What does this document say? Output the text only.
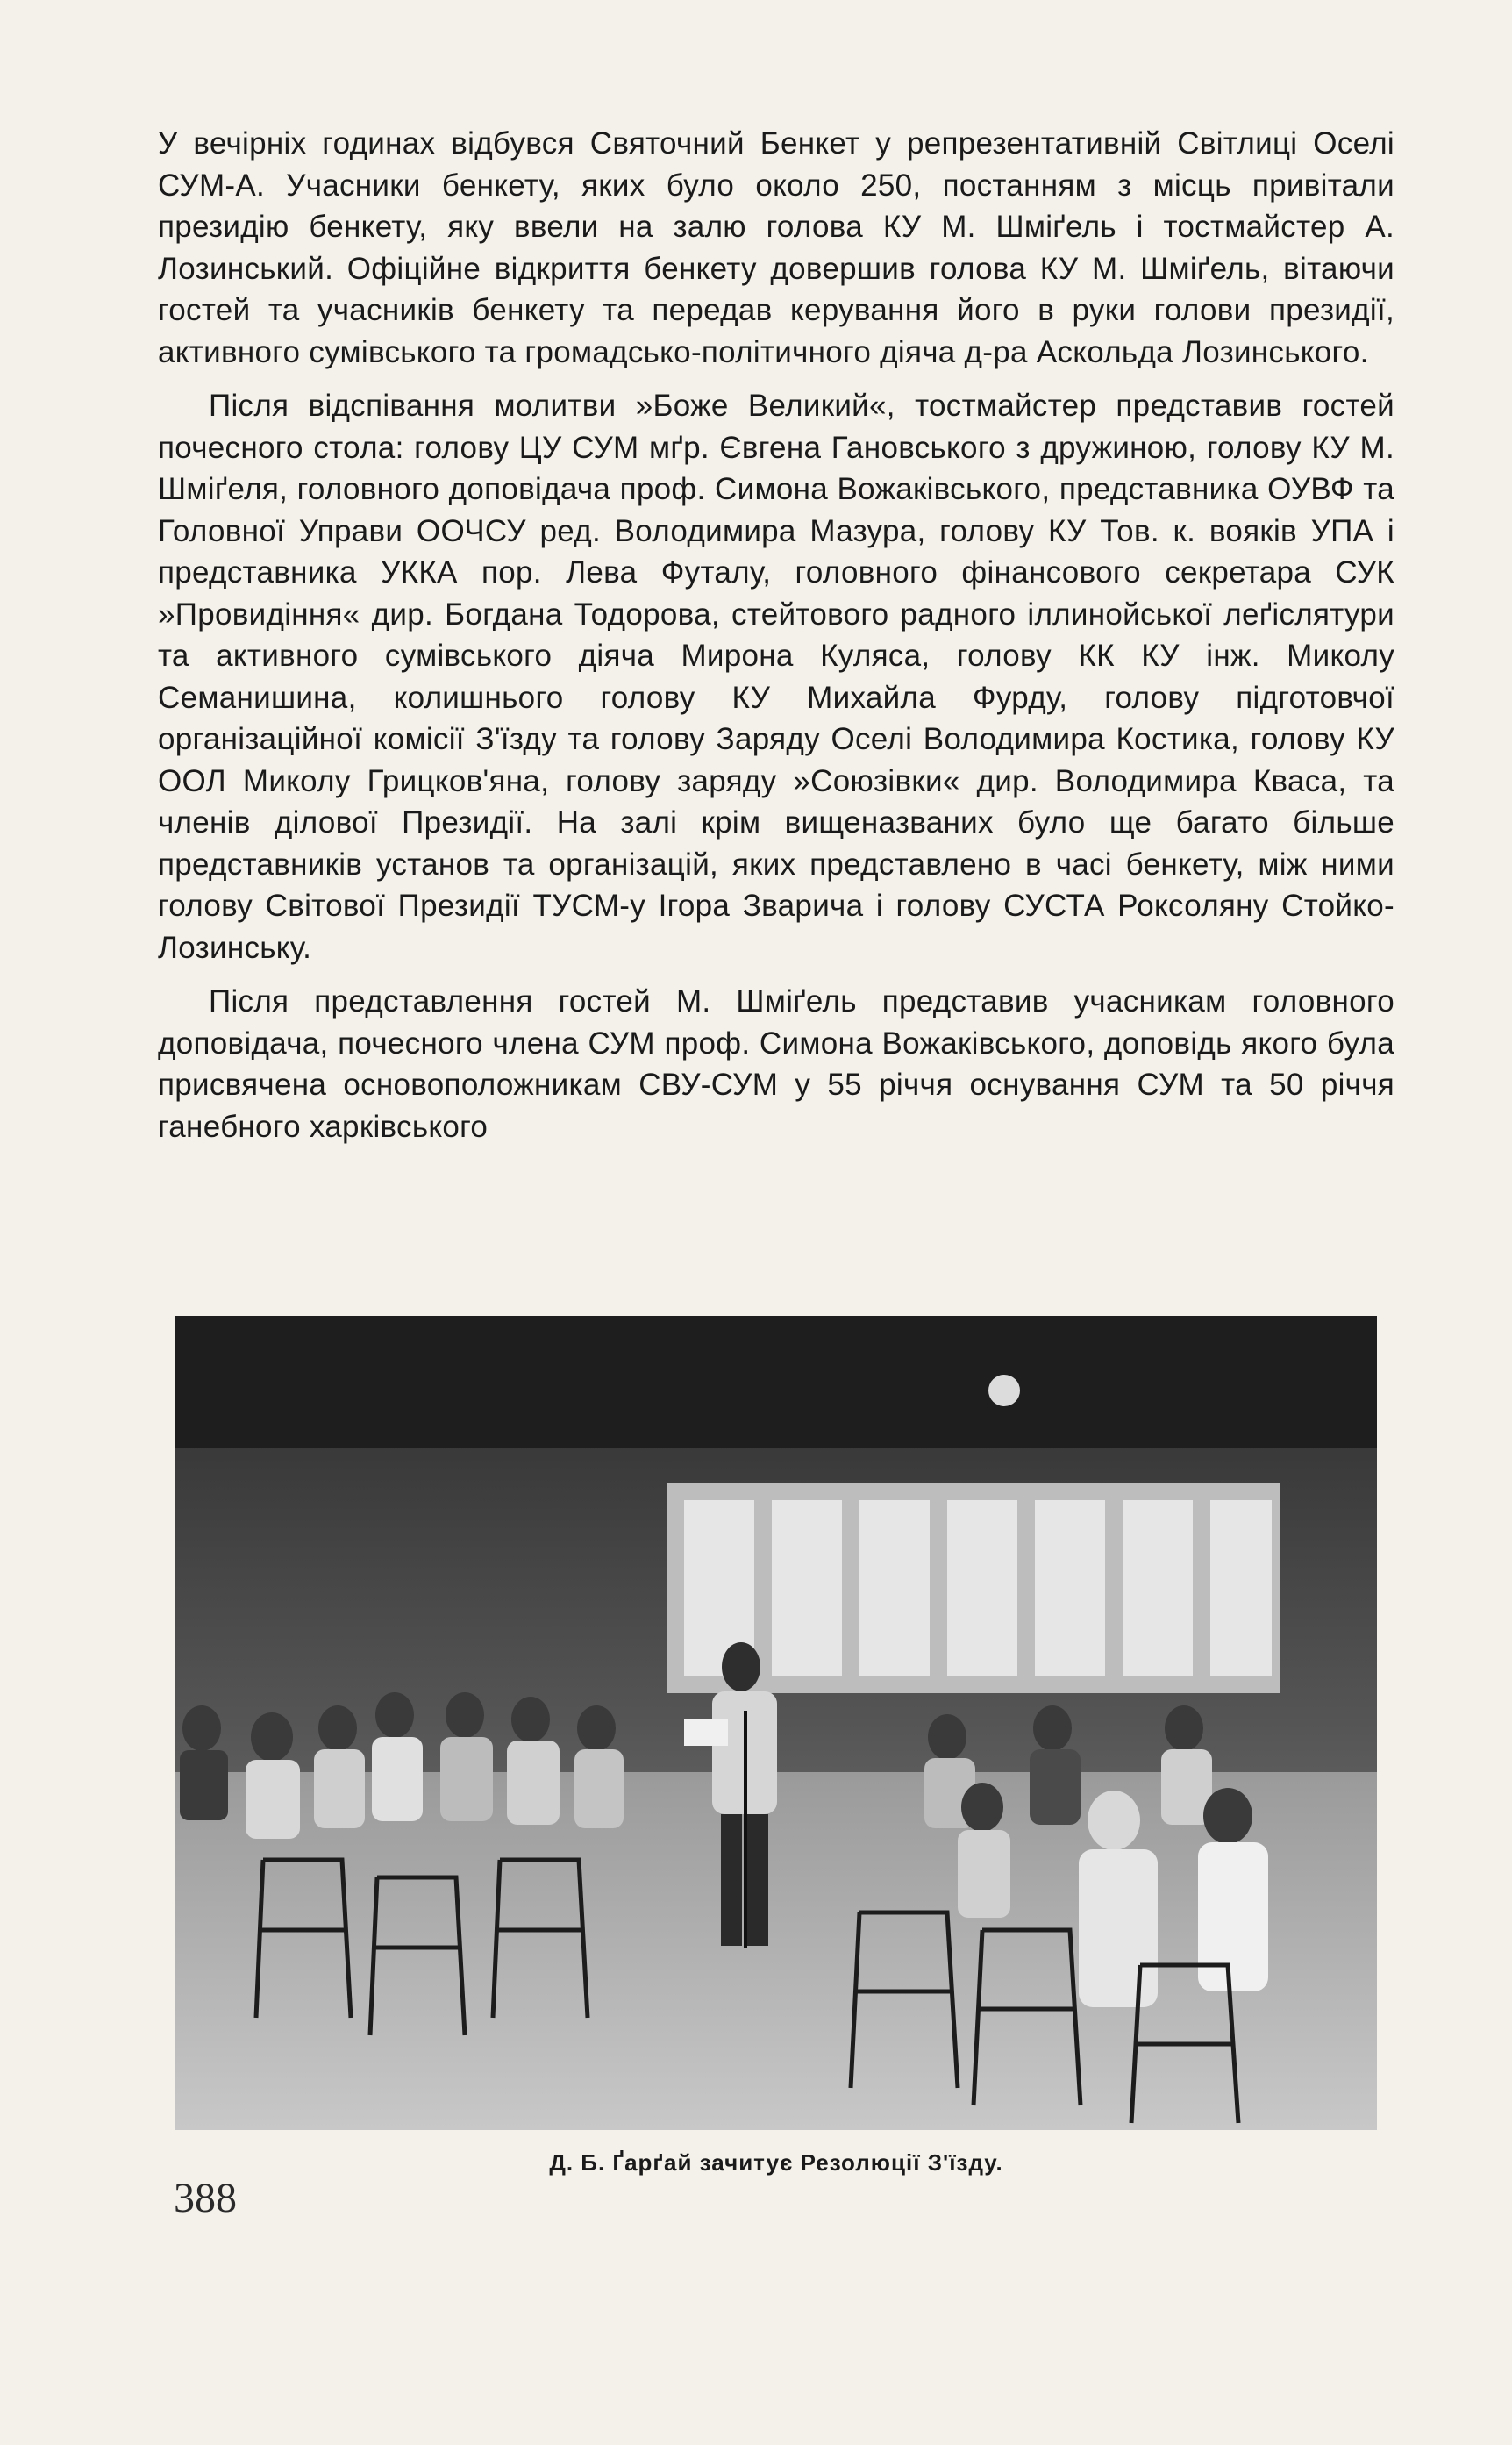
У вечірніх годинах відбувся Святочний Бенкет у репрезентативній Світлиці Оселі СУМ-А. Учасники бенкету, яких було около 250, постанням з місць привітали президію бенкету, яку ввели на залю голова КУ М. Шміґель і тостмайстер А. Лозинський. Офіційне відкриття бенкету довершив голова КУ М. Шміґель, вітаючи гостей та учасників бенкету та передав керування його в руки голови президії, активного сумівського та громадсько-політичного діяча д-ра Аскольда Лозинського.

Після відспівання молитви »Боже Великий«, тостмайстер представив гостей почесного стола: голову ЦУ СУМ мґр. Євгена Гановського з дружиною, голову КУ М. Шміґеля, головного доповідача проф. Симона Вожаківського, представника ОУВФ та Головної Управи ООЧСУ ред. Володимира Мазура, голову КУ Тов. к. вояків УПА і представника УККА пор. Лева Футалу, головного фінансового секретара СУК »Провидіння« дир. Богдана Тодорова, стейтового радного іллинойської леґіслятури та активного сумівського діяча Мирона Куляса, голову КК КУ інж. Миколу Семанишина, колишнього голову КУ Михайла Фурду, голову підготовчої організаційної комісії З'їзду та голову Заряду Оселі Володимира Костика, голову КУ ООЛ Миколу Грицков'яна, голову заряду »Союзівки« дир. Володимира Кваса, та членів ділової Президії. На залі крім вищеназваних було ще багато більше представників установ та організацій, яких представлено в часі бенкету, між ними голову Світової Президії ТУСМ-у Ігора Зварича і голову СУСТА Роксоляну Стойко-Лозинську.

Після представлення гостей М. Шміґель представив учасникам головного доповідача, почесного члена СУМ проф. Симона Вожаківського, доповідь якого була присвячена основоположникам СВУ-СУМ у 55 річчя оснування СУМ та 50 річчя ганебного харківського

Д. Б. Ґарґай зачитує Резолюції З'їзду.
388
